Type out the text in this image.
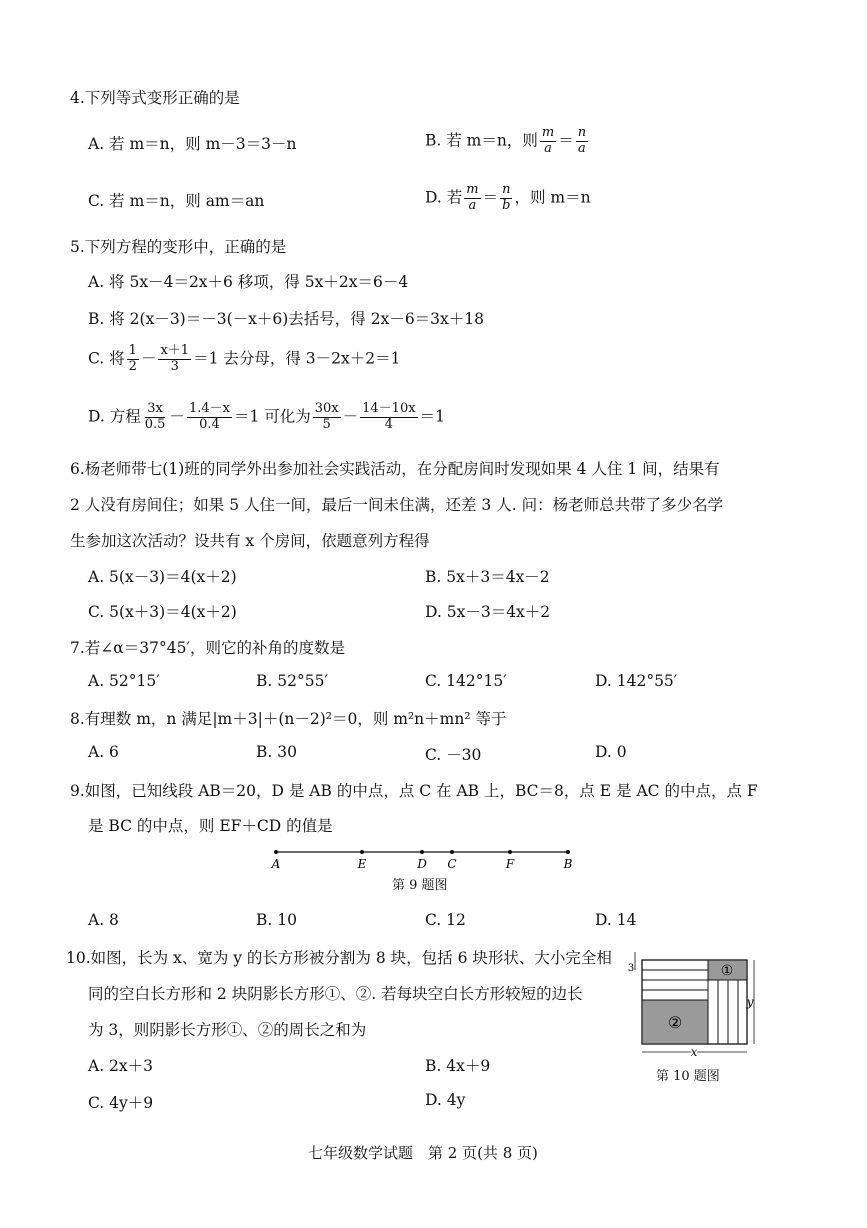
4.下列等式变形正确的是
A. 若 m＝n，则 m－3＝3－n	B. 若 m＝n，则 $\frac{m}{a} = \frac{n}{a}$
C. 若 m＝n，则 am＝an	D. 若 $\frac{m}{a} = \frac{n}{b}$ ，则 m＝n
5.下列方程的变形中，正确的是
A. 将 5x－4＝2x＋6 移项，得 5x＋2x＝6－4
B. 将 2(x－3)＝－3(－x＋6)去括号，得 2x－6＝3x＋18
C. 将 $\frac{1}{2} - \frac{x+1}{3} =1$ 去分母，得 3－2x＋2＝1
D. 方程 $\frac{3x}{0.5} - \frac{1.4-x}{0.4} =1$ 可化为 $\frac{30x}{5} - \frac{14-10x}{4} =1$
6.杨老师带七(1)班的同学外出参加社会实践活动，在分配房间时发现如果 4 人住 1 间，结果有
2 人没有房间住；如果 5 人住一间，最后一间未住满，还差 3 人. 问：杨老师总共带了多少名学
生参加这次活动？设共有 x 个房间，依题意列方程得
A. 5(x－3)＝4(x＋2)	B. 5x＋3＝4x－2
C. 5(x＋3)＝4(x＋2)	D. 5x－3＝4x＋2
7.若∠α＝37°45′，则它的补角的度数是
A. 52°15′	B. 52°55′	C. 142°15′	D. 142°55′
8.有理数 m，n 满足|m＋3|＋(n－2)²＝0，则 m²n＋mn² 等于
A. 6	B. 30	C. －30	D. 0
9.如图，已知线段 AB＝20，D 是 AB 的中点，点 C 在 AB 上，BC＝8，点 E 是 AC 的中点，点 F
是 BC 的中点，则 EF＋CD 的值是
A	E	D C	F	B
第 9 题图
A. 8	B. 10	C. 12	D. 14
10.如图，长为 x、宽为 y 的长方形被分割为 8 块，包括 6 块形状、大小完全相
同的空白长方形和 2 块阴影长方形①、②. 若每块空白长方形较短的边长
为 3，则阴影长方形①、②的周长之和为
A. 2x＋3	B. 4x＋9
C. 4y＋9	D. 4y
①
②
3
y
x
第 10 题图
七年级数学试题　第 2 页(共 8 页)
